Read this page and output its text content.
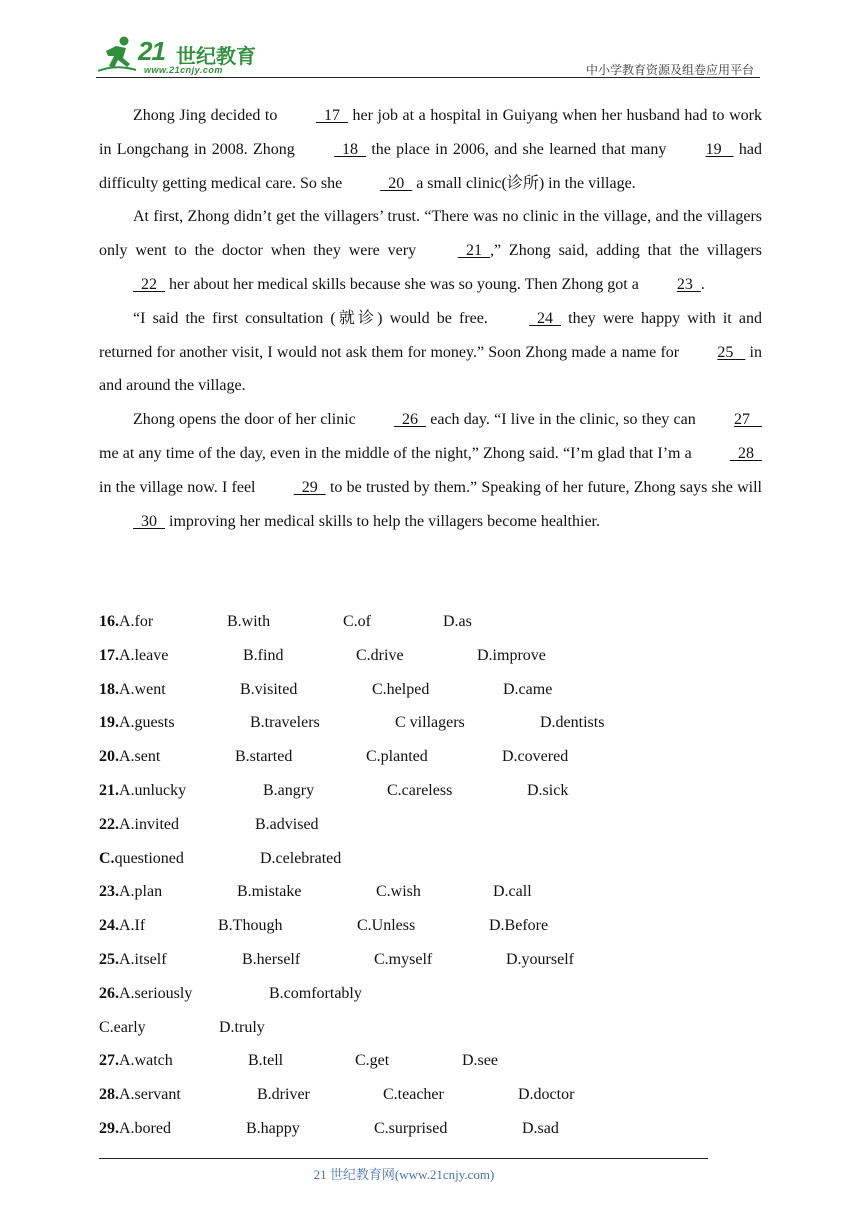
21 世纪教育
www.21cnjy.com	中小学教育资源及组卷应用平台

Zhong Jing decided to   17   her job at a hospital in Guiyang when her husband had to work in Longchang in 2008. Zhong   18   the place in 2006, and she learned that many 19    had difficulty getting medical care. So she   20   a small clinic(诊所) in the village.

At first, Zhong didn’t get the villagers’ trust. “There was no clinic in the village, and the villagers only went to the doctor when they were very   21  ,” Zhong said, adding that the villagers   22   her about her medical skills because she was so young. Then Zhong got a 23  .

“I said the first consultation (就诊) would be free.   24   they were happy with it and returned for another visit, I would not ask them for money.” Soon Zhong made a name for 25    in and around the village.

Zhong opens the door of her clinic   26   each day. “I live in the clinic, so they can 27    me at any time of the day, even in the middle of the night,” Zhong said. “I’m glad that I’m a   28   in the village now. I feel   29   to be trusted by them.” Speaking of her future, Zhong says she will   30   improving her medical skills to help the villagers become healthier.

16.A.for	B.with	C.of	D.as
17.A.leave	B.find	C.drive	D.improve
18.A.went	B.visited	C.helped	D.came
19.A.guests	B.travelers	C villagers	D.dentists
20.A.sent	B.started	C.planted	D.covered
21.A.unlucky	B.angry	C.careless	D.sick
22.A.invited	B.advised
C.questioned	D.celebrated
23.A.plan	B.mistake	C.wish	D.call
24.A.If	B.Though	C.Unless	D.Before
25.A.itself	B.herself	C.myself	D.yourself
26.A.seriously	B.comfortably
C.early	D.truly
27.A.watch	B.tell	C.get	D.see
28.A.servant	B.driver	C.teacher	D.doctor
29.A.bored	B.happy	C.surprised	D.sad
21 世纪教育网(www.21cnjy.com)
